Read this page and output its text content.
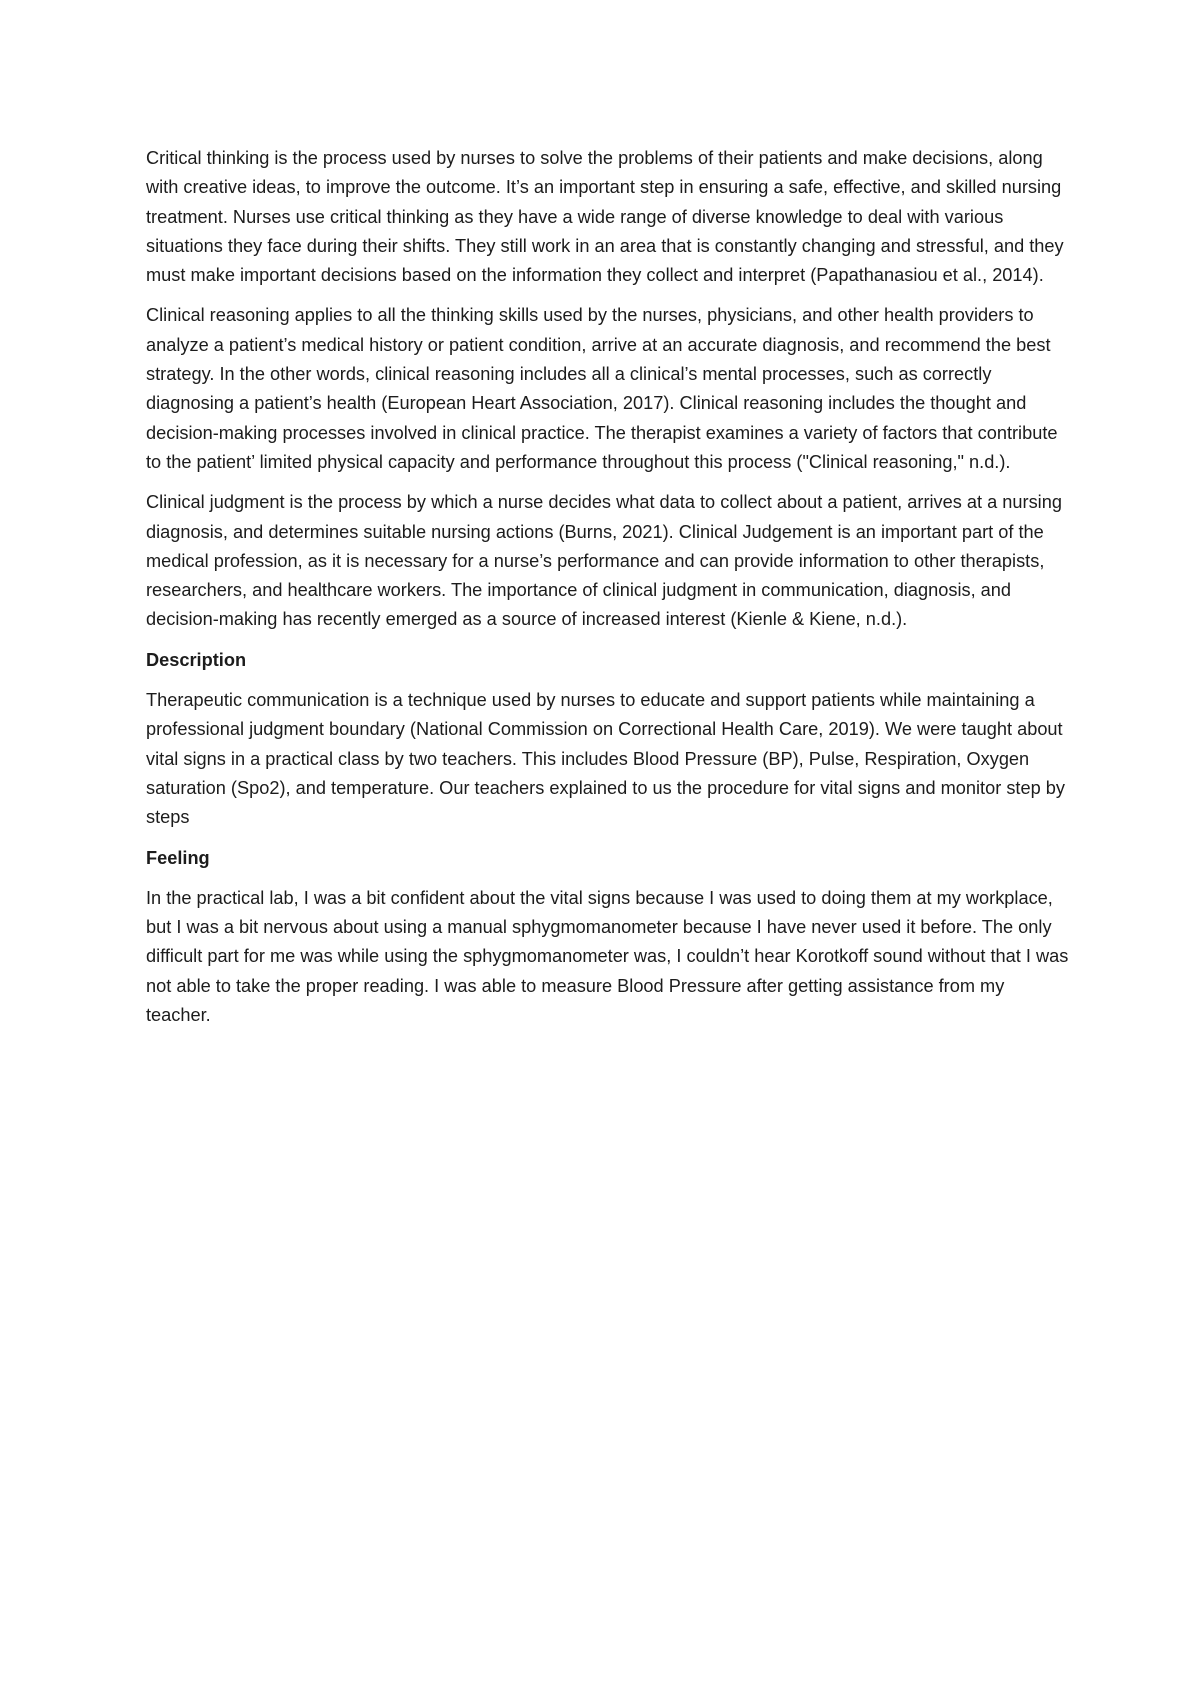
Critical thinking is the process used by nurses to solve the problems of their patients and make decisions, along with creative ideas, to improve the outcome. It’s an important step in ensuring a safe, effective, and skilled nursing treatment. Nurses use critical thinking as they have a wide range of diverse knowledge to deal with various situations they face during their shifts. They still work in an area that is constantly changing and stressful, and they must make important decisions based on the information they collect and interpret (Papathanasiou et al., 2014).

Clinical reasoning applies to all the thinking skills used by the nurses, physicians, and other health providers to analyze a patient’s medical history or patient condition, arrive at an accurate diagnosis, and recommend the best strategy. In the other words, clinical reasoning includes all a clinical’s mental processes, such as correctly diagnosing a patient’s health (European Heart Association, 2017). Clinical reasoning includes the thought and decision-making processes involved in clinical practice. The therapist examines a variety of factors that contribute to the patient’ limited physical capacity and performance throughout this process ("Clinical reasoning," n.d.).

Clinical judgment is the process by which a nurse decides what data to collect about a patient, arrives at a nursing diagnosis, and determines suitable nursing actions (Burns, 2021). Clinical Judgement is an important part of the medical profession, as it is necessary for a nurse’s performance and can provide information to other therapists, researchers, and healthcare workers. The importance of clinical judgment in communication, diagnosis, and decision-making has recently emerged as a source of increased interest (Kienle & Kiene, n.d.).

Description

Therapeutic communication is a technique used by nurses to educate and support patients while maintaining a professional judgment boundary (National Commission on Correctional Health Care, 2019). We were taught about vital signs in a practical class by two teachers. This includes Blood Pressure (BP), Pulse, Respiration, Oxygen saturation (Spo2), and temperature. Our teachers explained to us the procedure for vital signs and monitor step by steps

Feeling

In the practical lab, I was a bit confident about the vital signs because I was used to doing them at my workplace, but I was a bit nervous about using a manual sphygmomanometer because I have never used it before. The only difficult part for me was while using the sphygmomanometer was, I couldn’t hear Korotkoff sound without that I was not able to take the proper reading. I was able to measure Blood Pressure after getting assistance from my teacher.
